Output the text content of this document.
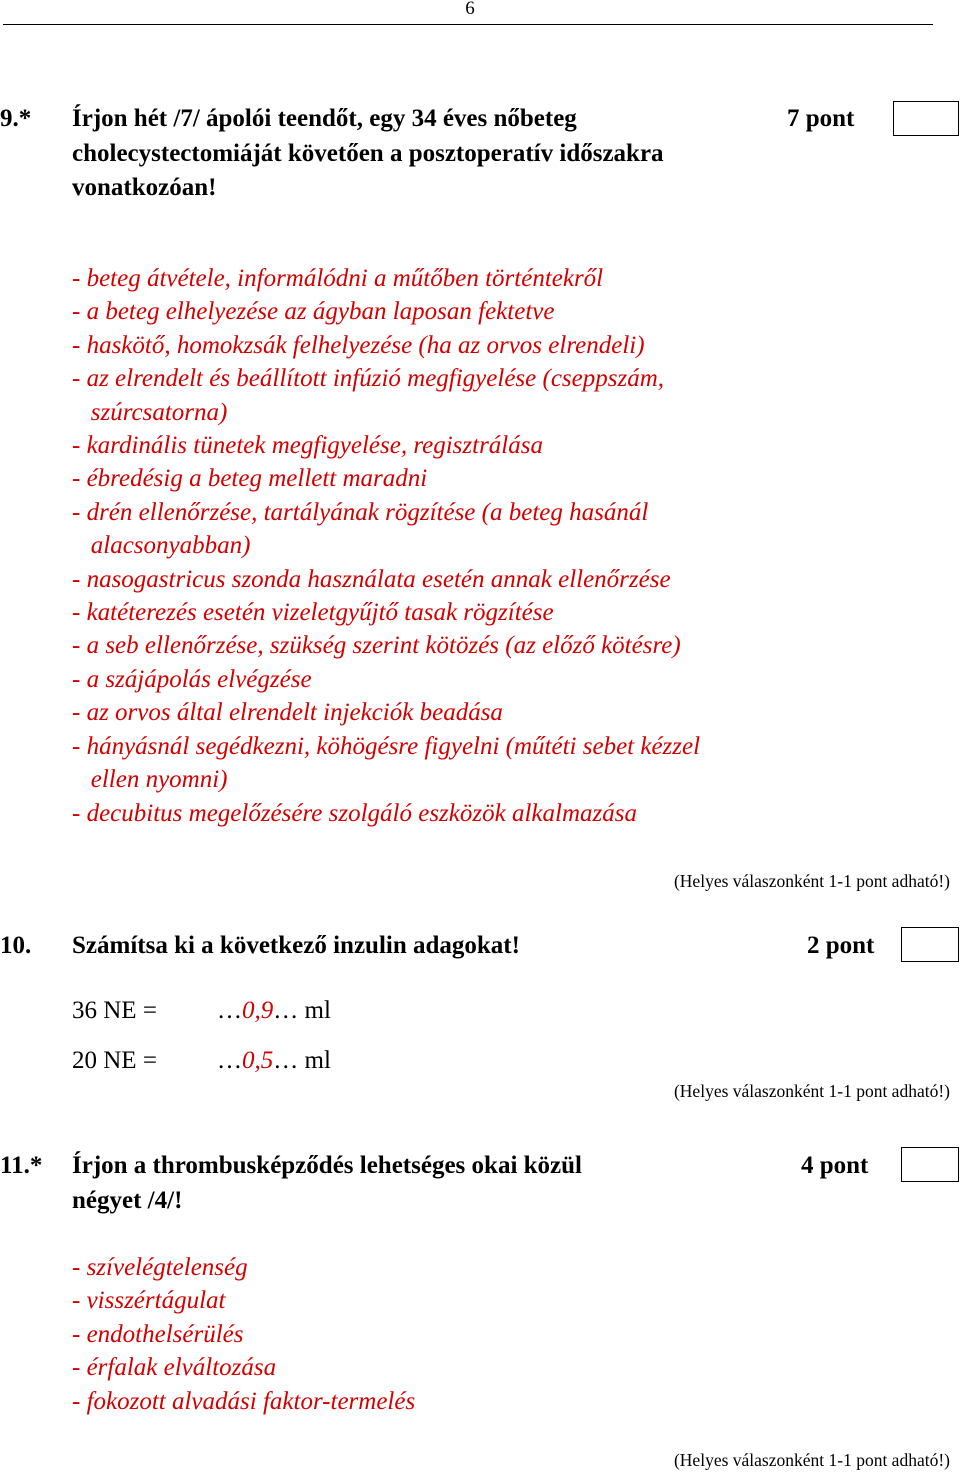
6
9.* Írjon hét /7/ ápolói teendőt, egy 34 éves nőbeteg
cholecystectomiáját követően a posztoperatív időszakra
vonatkozóan!
7 pont
- beteg átvétele, informálódni a műtőben történtekről
- a beteg elhelyezése az ágyban laposan fektetve
- haskötő, homokzsák felhelyezése (ha az orvos elrendeli)
- az elrendelt és beállított infúzió megfigyelése (cseppszám,
szúrcsatorna)
- kardinális tünetek megfigyelése, regisztrálása
- ébredésig a beteg mellett maradni
- drén ellenőrzése, tartályának rögzítése (a beteg hasánál
alacsonyabban)
- nasogastricus szonda használata esetén annak ellenőrzése
- katéterezés esetén vizeletgyűjtő tasak rögzítése
- a seb ellenőrzése, szükség szerint kötözés (az előző kötésre)
- a szájápolás elvégzése
- az orvos által elrendelt injekciók beadása
- hányásnál segédkezni, köhögésre figyelni (műtéti sebet kézzel
ellen nyomni)
- decubitus megelőzésére szolgáló eszközök alkalmazása
(Helyes válaszonként 1-1 pont adható!)
10. Számítsa ki a következő inzulin adagokat!	2 pont
36 NE = …0,9… ml
20 NE = …0,5… ml
(Helyes válaszonként 1-1 pont adható!)
11.* Írjon a thrombusképződés lehetséges okai közül
négyet /4/!
4 pont
- szívelégtelenség
- visszértágulat
- endothelsérülés
- érfalak elváltozása
- fokozott alvadási faktor-termelés
(Helyes válaszonként 1-1 pont adható!)
